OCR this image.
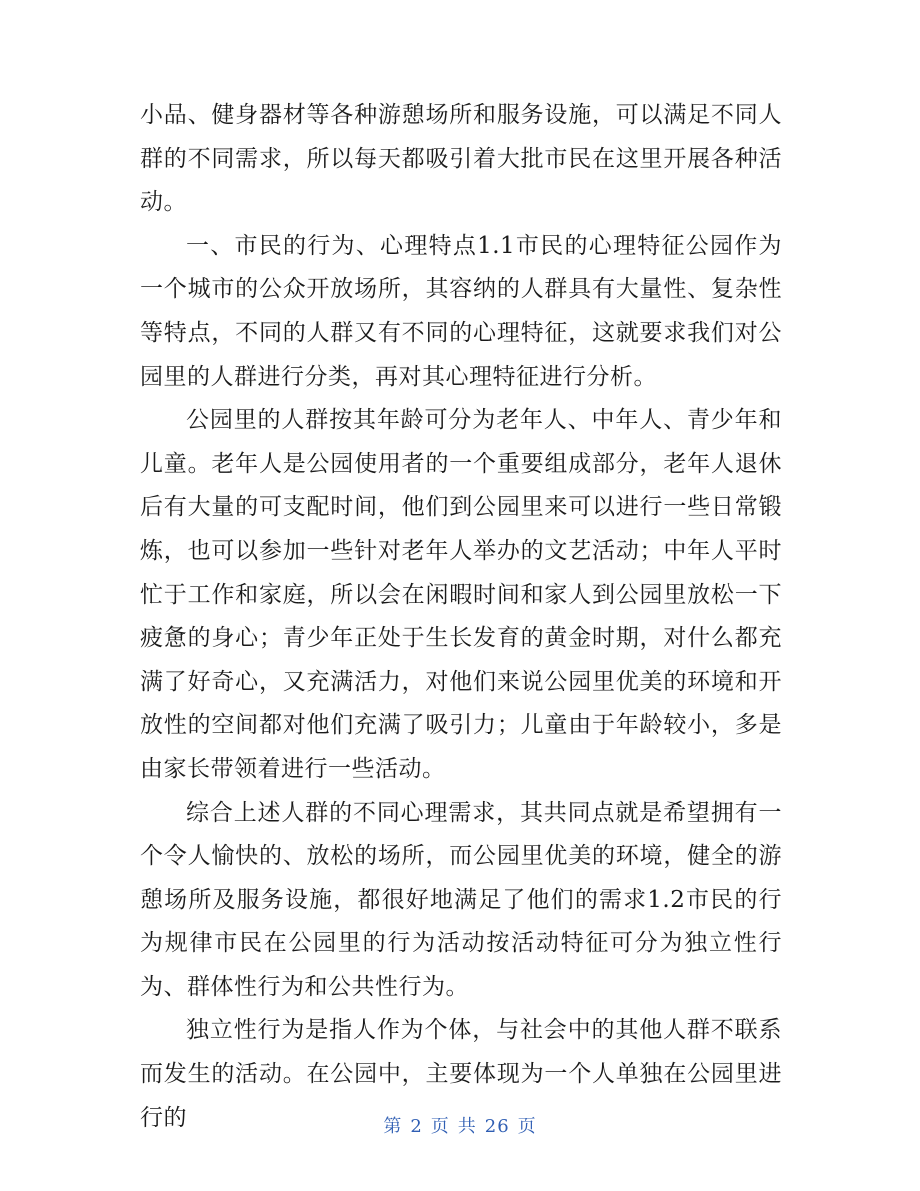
小品、健身器材等各种游憩场所和服务设施，可以满足不同人群的不同需求，所以每天都吸引着大批市民在这里开展各种活动。

一、市民的行为、心理特点1.1市民的心理特征公园作为一个城市的公众开放场所，其容纳的人群具有大量性、复杂性等特点，不同的人群又有不同的心理特征，这就要求我们对公园里的人群进行分类，再对其心理特征进行分析。

公园里的人群按其年龄可分为老年人、中年人、青少年和儿童。老年人是公园使用者的一个重要组成部分，老年人退休后有大量的可支配时间，他们到公园里来可以进行一些日常锻炼，也可以参加一些针对老年人举办的文艺活动；中年人平时忙于工作和家庭，所以会在闲暇时间和家人到公园里放松一下疲惫的身心；青少年正处于生长发育的黄金时期，对什么都充满了好奇心，又充满活力，对他们来说公园里优美的环境和开放性的空间都对他们充满了吸引力；儿童由于年龄较小，多是由家长带领着进行一些活动。

综合上述人群的不同心理需求，其共同点就是希望拥有一个令人愉快的、放松的场所，而公园里优美的环境，健全的游憩场所及服务设施，都很好地满足了他们的需求1.2市民的行为规律市民在公园里的行为活动按活动特征可分为独立性行为、群体性行为和公共性行为。

独立性行为是指人作为个体，与社会中的其他人群不联系而发生的活动。在公园中，主要体现为一个人单独在公园里进行的	第 2 页 共 26 页
